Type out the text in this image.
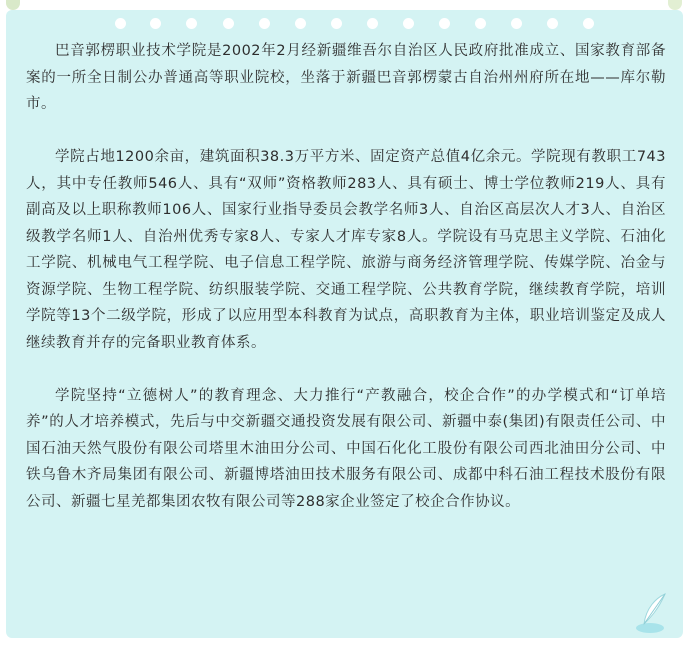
巴音郭楞职业技术学院是2002年2月经新疆维吾尔自治区人民政府批准成立、国家教育部备案的一所全日制公办普通高等职业院校，坐落于新疆巴音郭楞蒙古自治州州府所在地——库尔勒市。

学院占地1200余亩，建筑面积38.3万平方米、固定资产总值4亿余元。学院现有教职工743人，其中专任教师546人、具有“双师”资格教师283人、具有硕士、博士学位教师219人、具有副高及以上职称教师106人、国家行业指导委员会教学名师3人、自治区高层次人才3人、自治区级教学名师1人、自治州优秀专家8人、专家人才库专家8人。学院设有马克思主义学院、石油化工学院、机械电气工程学院、电子信息工程学院、旅游与商务经济管理学院、传媒学院、冶金与资源学院、生物工程学院、纺织服装学院、交通工程学院、公共教育学院，继续教育学院，培训学院等13个二级学院，形成了以应用型本科教育为试点，高职教育为主体，职业培训鉴定及成人继续教育并存的完备职业教育体系。

学院坚持“立德树人”的教育理念、大力推行“产教融合，校企合作”的办学模式和“订单培养”的人才培养模式，先后与中交新疆交通投资发展有限公司、新疆中泰(集团)有限责任公司、中国石油天然气股份有限公司塔里木油田分公司、中国石化化工股份有限公司西北油田分公司、中铁乌鲁木齐局集团有限公司、新疆博塔油田技术服务有限公司、成都中科石油工程技术股份有限公司、新疆七星羌都集团农牧有限公司等288家企业签定了校企合作协议。
